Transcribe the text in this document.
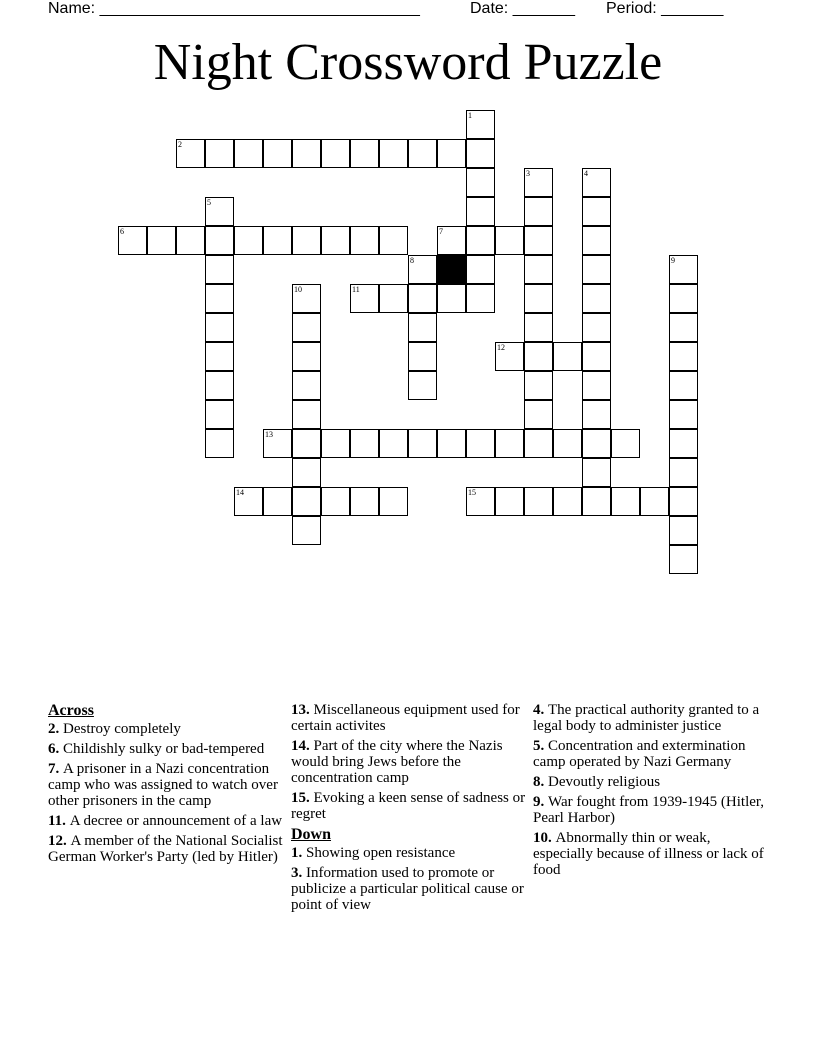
Name: ____________________________________	Date: _______ Period: _______
Night Crossword Puzzle
1
2
3	4
5
6	7
8	9
10	11
12
13
14	15
Across
2. Destroy completely
6. Childishly sulky or bad-tempered
7. A prisoner in a Nazi concentration camp who was assigned to watch over other prisoners in the camp
11. A decree or announcement of a law
12. A member of the National Socialist German Worker's Party (led by Hitler)
13. Miscellaneous equipment used for certain activites
14. Part of the city where the Nazis would bring Jews before the concentration camp
15. Evoking a keen sense of sadness or regret
Down
1. Showing open resistance
3. Information used to promote or publicize a particular political cause or point of view
4. The practical authority granted to a legal body to administer justice
5. Concentration and extermination camp operated by Nazi Germany
8. Devoutly religious
9. War fought from 1939-1945 (Hitler, Pearl Harbor)
10. Abnormally thin or weak, especially because of illness or lack of food
